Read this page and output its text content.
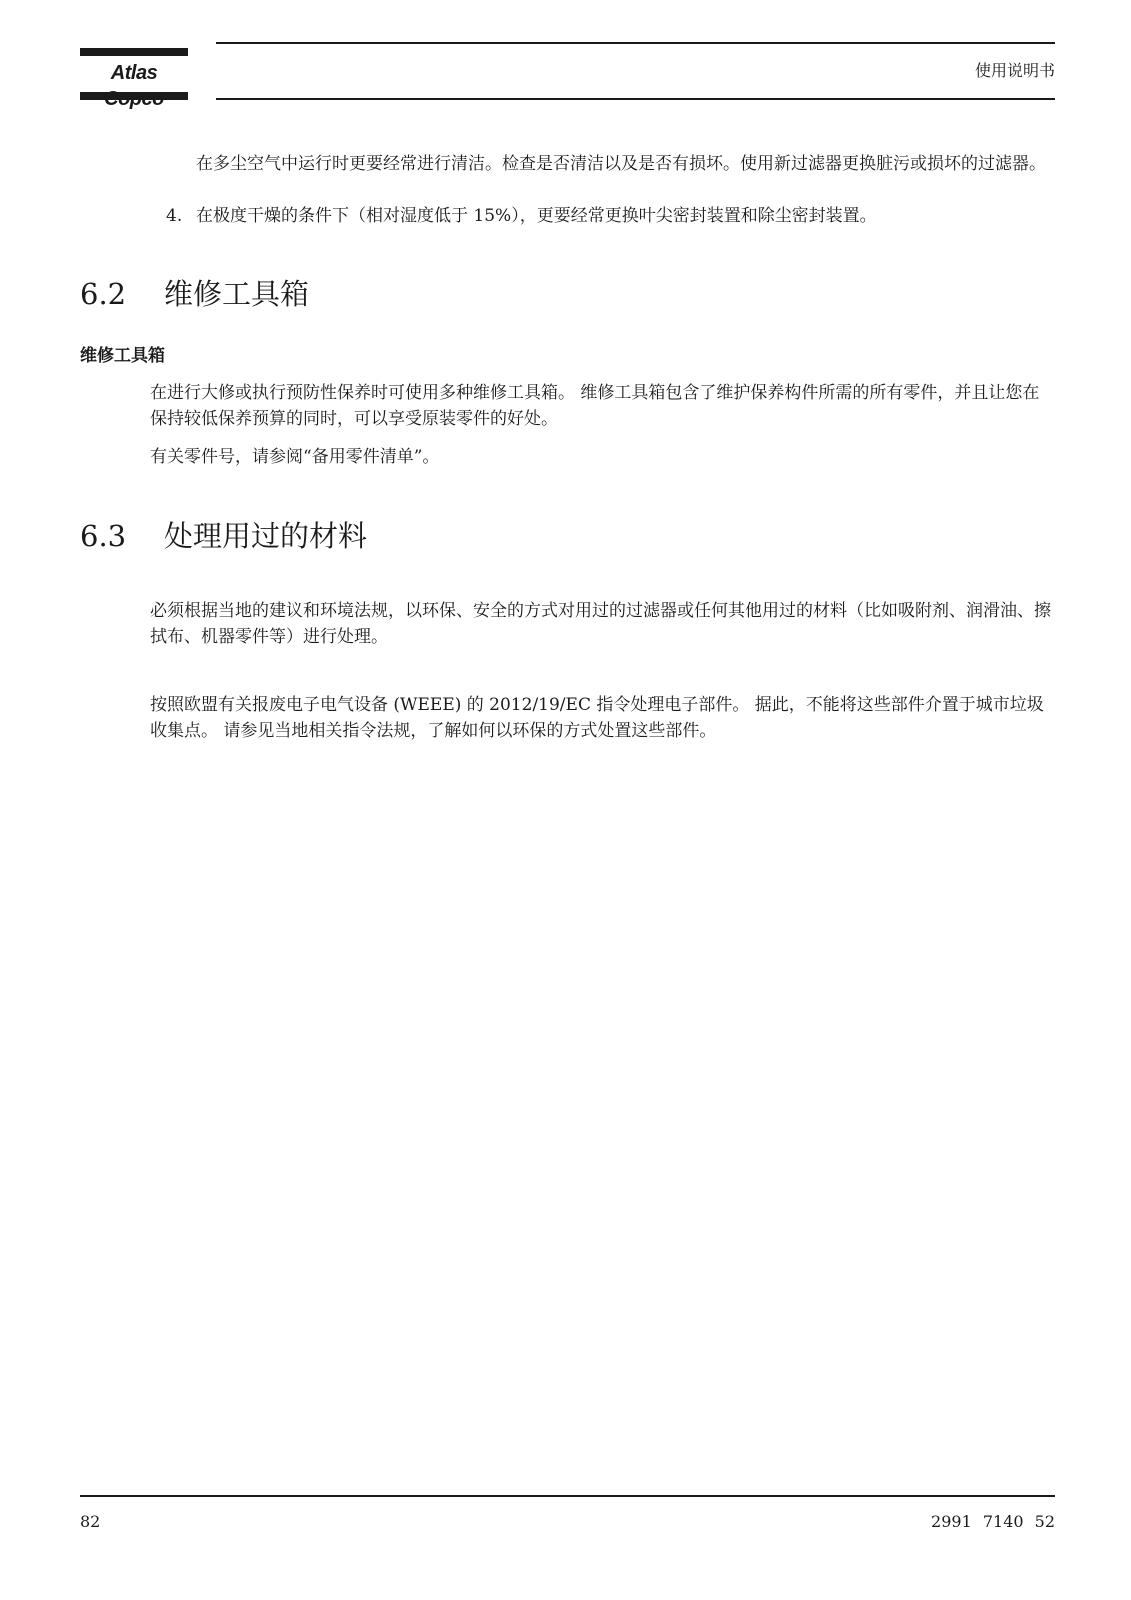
Atlas	使用说明书
在多尘空气中运行时更要经常进行清洁。检查是否清洁以及是否有损坏。使用新过滤器更换脏污或损坏的过滤器。
4. 在极度干燥的条件下（相对湿度低于 15%），更要经常更换叶尖密封装置和除尘密封装置。
6.2 维修工具箱
维修工具箱
在进行大修或执行预防性保养时可使用多种维修工具箱。 维修工具箱包含了维护保养构件所需的所有零件，并且让您在保持较低保养预算的同时，可以享受原装零件的好处。
有关零件号，请参阅“备用零件清单”。
6.3 处理用过的材料
必须根据当地的建议和环境法规，以环保、安全的方式对用过的过滤器或任何其他用过的材料（比如吸附剂、润滑油、擦拭布、机器零件等）进行处理。
按照欧盟有关报废电子电气设备 (WEEE) 的 2012/19/EC 指令处理电子部件。 据此，不能将这些部件介置于城市垃圾收集点。 请参见当地相关指令法规，了解如何以环保的方式处置这些部件。
82	2991 7140 52
